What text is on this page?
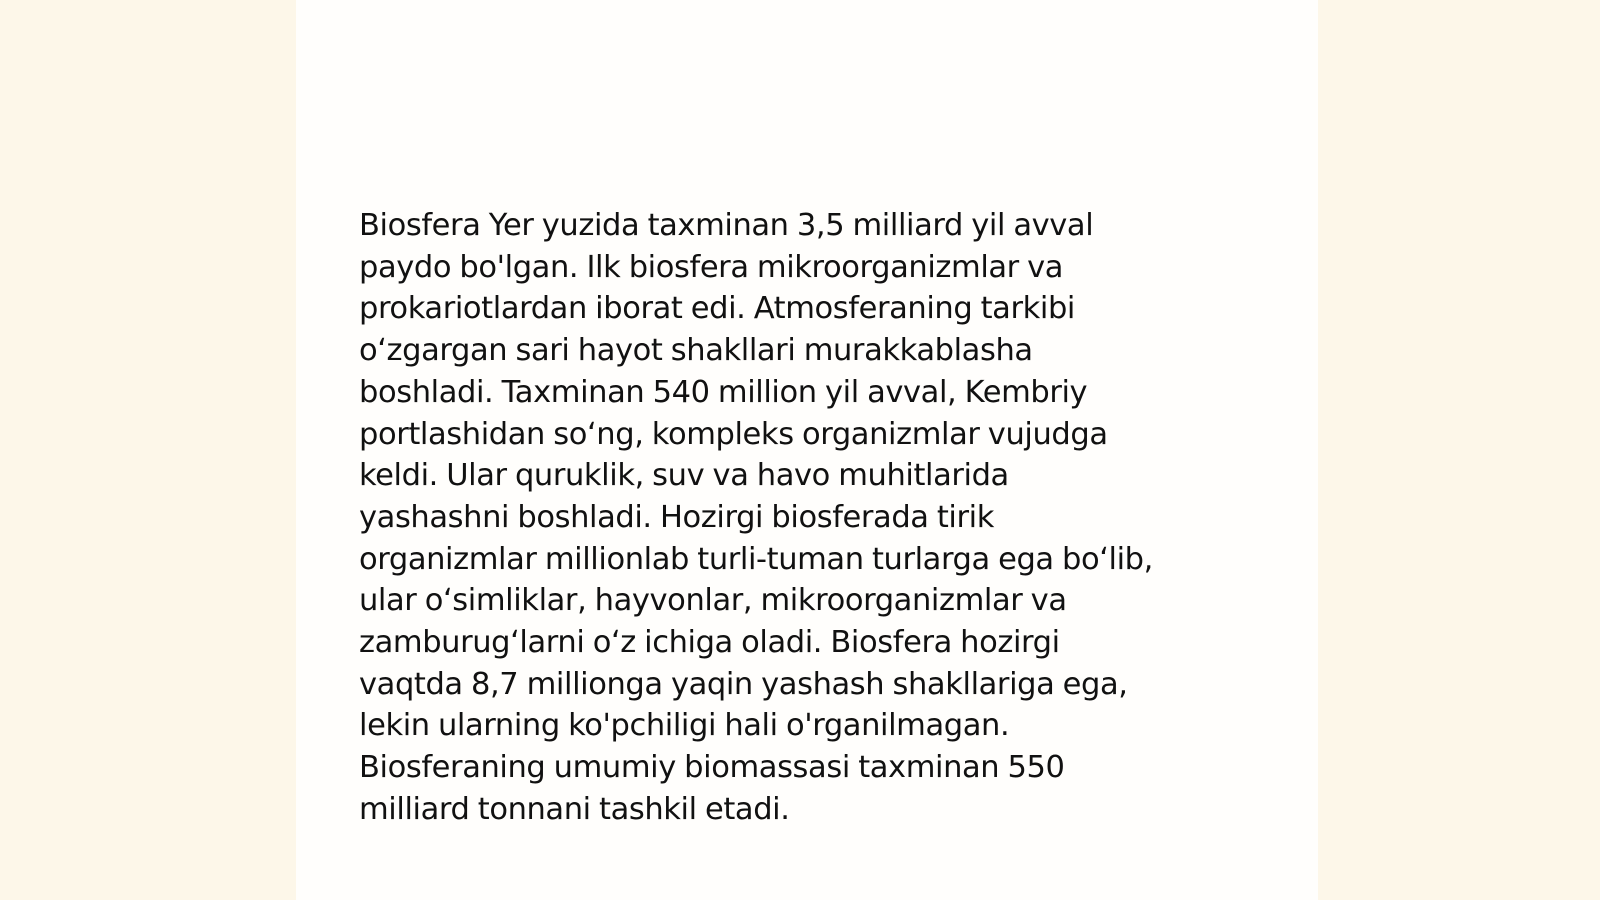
Biosfera Yer yuzida taxminan 3,5 milliard yil avval
paydo bo'lgan. Ilk biosfera mikroorganizmlar va
prokariotlardan iborat edi. Atmosferaning tarkibi
o‘zgargan sari hayot shakllari murakkablasha
boshladi. Taxminan 540 million yil avval, Kembriy
portlashidan so‘ng, kompleks organizmlar vujudga
keldi. Ular quruklik, suv va havo muhitlarida
yashashni boshladi. Hozirgi biosferada tirik
organizmlar millionlab turli-tuman turlarga ega bo‘lib,
ular o‘simliklar, hayvonlar, mikroorganizmlar va
zamburug‘larni o‘z ichiga oladi. Biosfera hozirgi
vaqtda 8,7 millionga yaqin yashash shakllariga ega,
lekin ularning ko'pchiligi hali o'rganilmagan.
Biosferaning umumiy biomassasi taxminan 550
milliard tonnani tashkil etadi.
